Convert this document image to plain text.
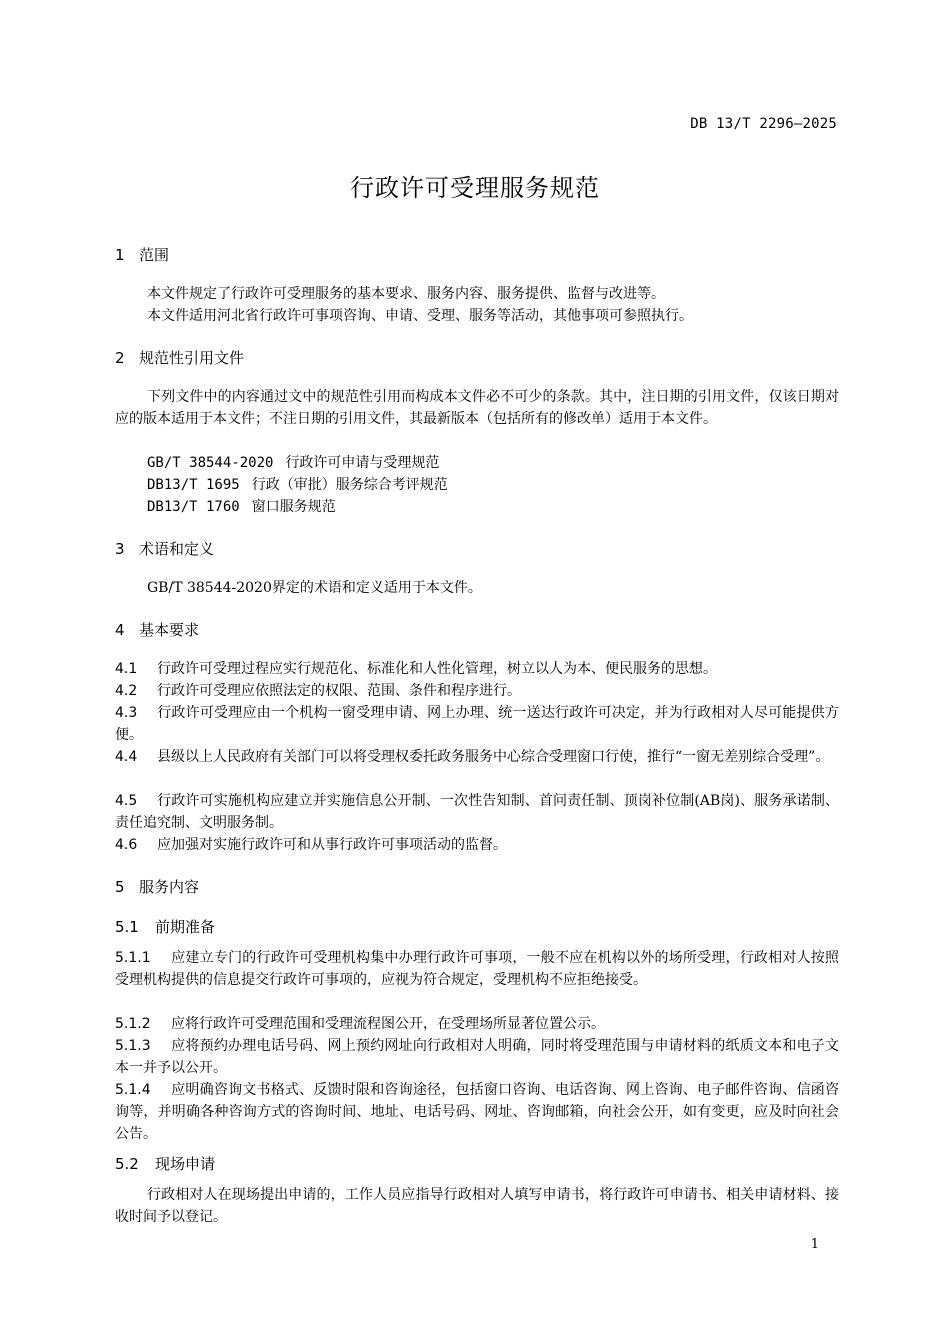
DB 13/T 2296—2025
行政许可受理服务规范
1 范围
本文件规定了行政许可受理服务的基本要求、服务内容、服务提供、监督与改进等。
本文件适用河北省行政许可事项咨询、申请、受理、服务等活动，其他事项可参照执行。
2 规范性引用文件
下列文件中的内容通过文中的规范性引用而构成本文件必不可少的条款。其中，注日期的引用文件，仅该日期对应的版本适用于本文件；不注日期的引用文件，其最新版本（包括所有的修改单）适用于本文件。
GB/T 38544-2020 行政许可申请与受理规范
DB13/T 1695 行政（审批）服务综合考评规范
DB13/T 1760 窗口服务规范
3 术语和定义
GB/T 38544-2020界定的术语和定义适用于本文件。
4 基本要求
4.1 行政许可受理过程应实行规范化、标准化和人性化管理，树立以人为本、便民服务的思想。
4.2 行政许可受理应依照法定的权限、范围、条件和程序进行。
4.3 行政许可受理应由一个机构一窗受理申请、网上办理、统一送达行政许可决定，并为行政相对人尽可能提供方便。
4.4 县级以上人民政府有关部门可以将受理权委托政务服务中心综合受理窗口行使，推行“一窗无差别综合受理”。
4.5 行政许可实施机构应建立并实施信息公开制、一次性告知制、首问责任制、顶岗补位制(AB岗)、服务承诺制、责任追究制、文明服务制。
4.6 应加强对实施行政许可和从事行政许可事项活动的监督。
5 服务内容
5.1 前期准备
5.1.1 应建立专门的行政许可受理机构集中办理行政许可事项，一般不应在机构以外的场所受理，行政相对人按照受理机构提供的信息提交行政许可事项的，应视为符合规定，受理机构不应拒绝接受。
5.1.2 应将行政许可受理范围和受理流程图公开，在受理场所显著位置公示。
5.1.3 应将预约办理电话号码、网上预约网址向行政相对人明确，同时将受理范围与申请材料的纸质文本和电子文本一并予以公开。
5.1.4 应明确咨询文书格式、反馈时限和咨询途径，包括窗口咨询、电话咨询、网上咨询、电子邮件咨询、信函咨询等，并明确各种咨询方式的咨询时间、地址、电话号码、网址、咨询邮箱，向社会公开，如有变更，应及时向社会公告。
5.2 现场申请
行政相对人在现场提出申请的，工作人员应指导行政相对人填写申请书，将行政许可申请书、相关申请材料、接收时间予以登记。
1
